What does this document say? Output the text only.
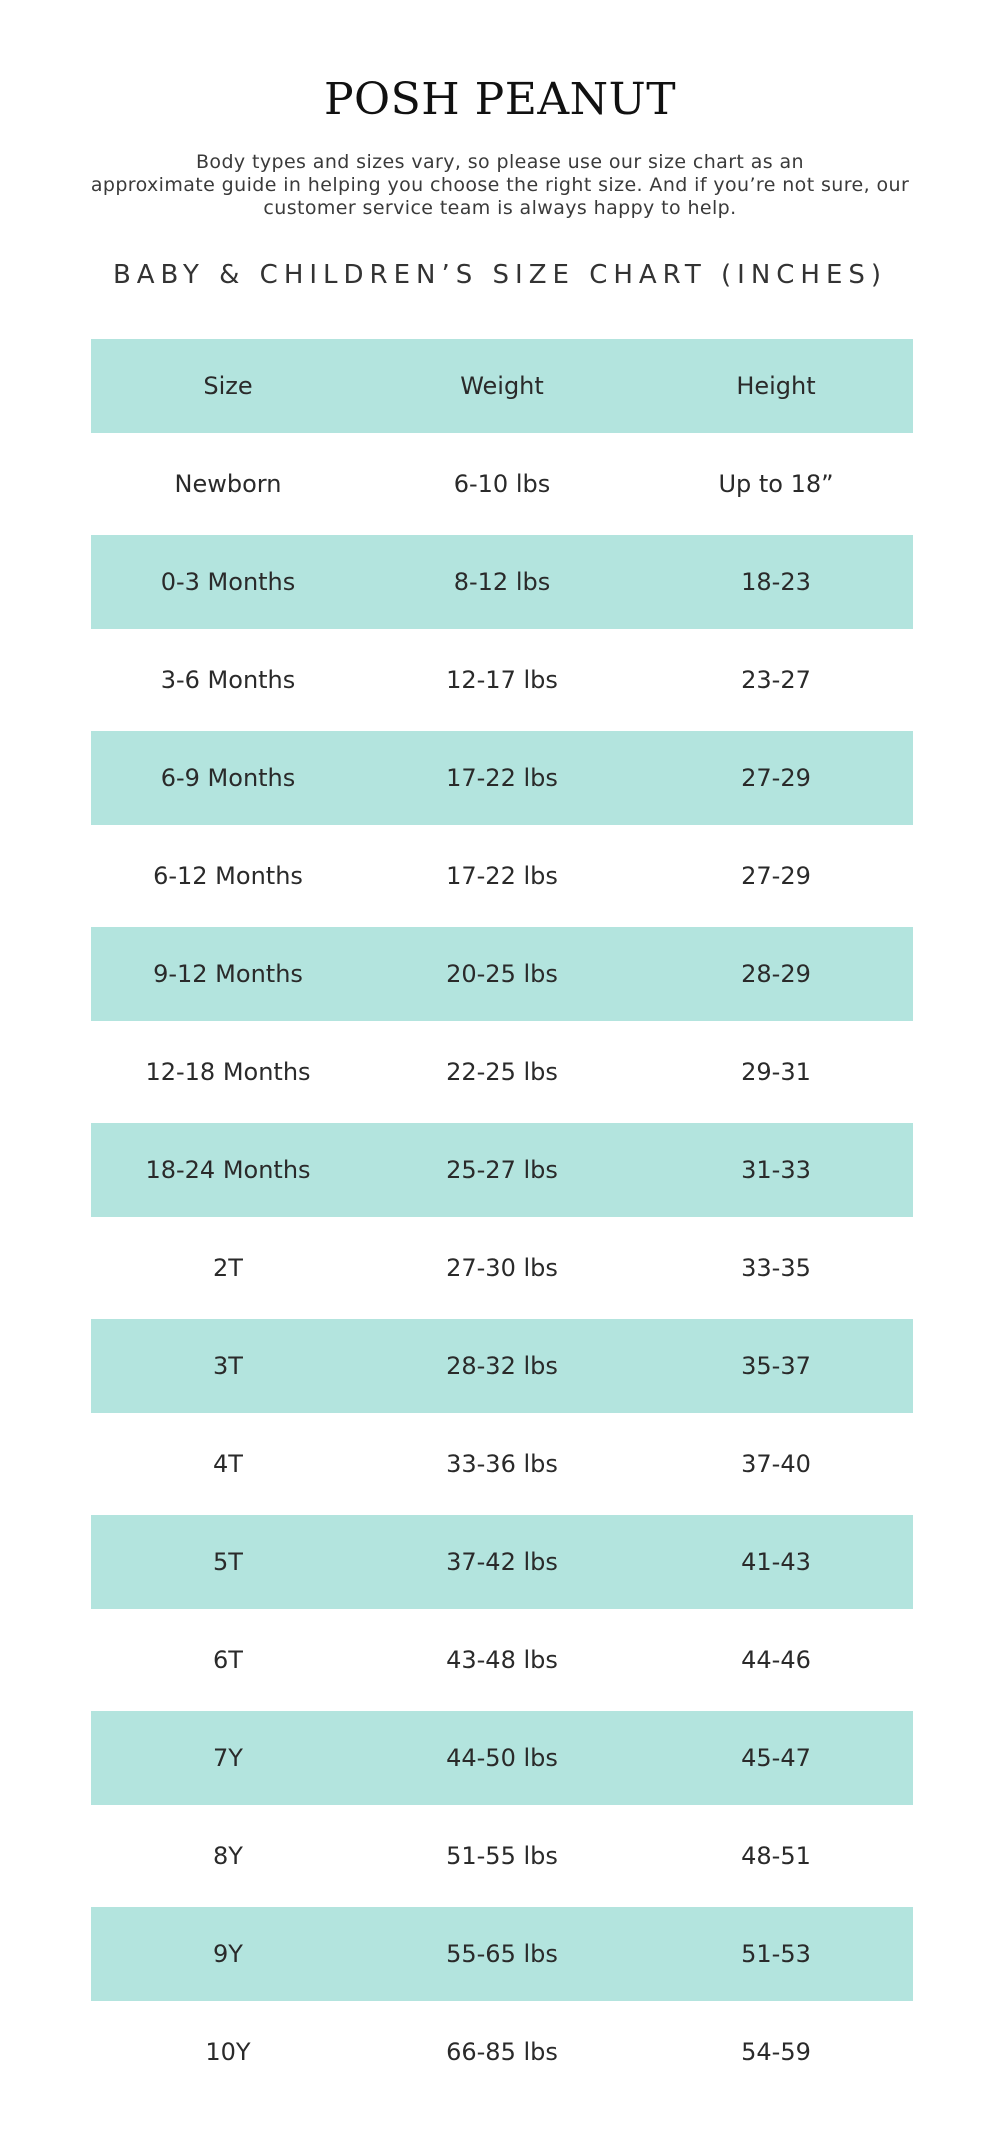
POSH PEANUT
Body types and sizes vary, so please use our size chart as an
approximate guide in helping you choose the right size. And if you’re not sure, our
customer service team is always happy to help.
BABY & CHILDREN’S SIZE CHART (INCHES)
Size	Weight	Height
Newborn	6-10 lbs	Up to 18”
0-3 Months	8-12 lbs	18-23
3-6 Months	12-17 lbs	23-27
6-9 Months	17-22 lbs	27-29
6-12 Months	17-22 lbs	27-29
9-12 Months	20-25 lbs	28-29
12-18 Months	22-25 lbs	29-31
18-24 Months	25-27 lbs	31-33
2T	27-30 lbs	33-35
3T	28-32 lbs	35-37
4T	33-36 lbs	37-40
5T	37-42 lbs	41-43
6T	43-48 lbs	44-46
7Y	44-50 lbs	45-47
8Y	51-55 lbs	48-51
9Y	55-65 lbs	51-53
10Y	66-85 lbs	54-59
